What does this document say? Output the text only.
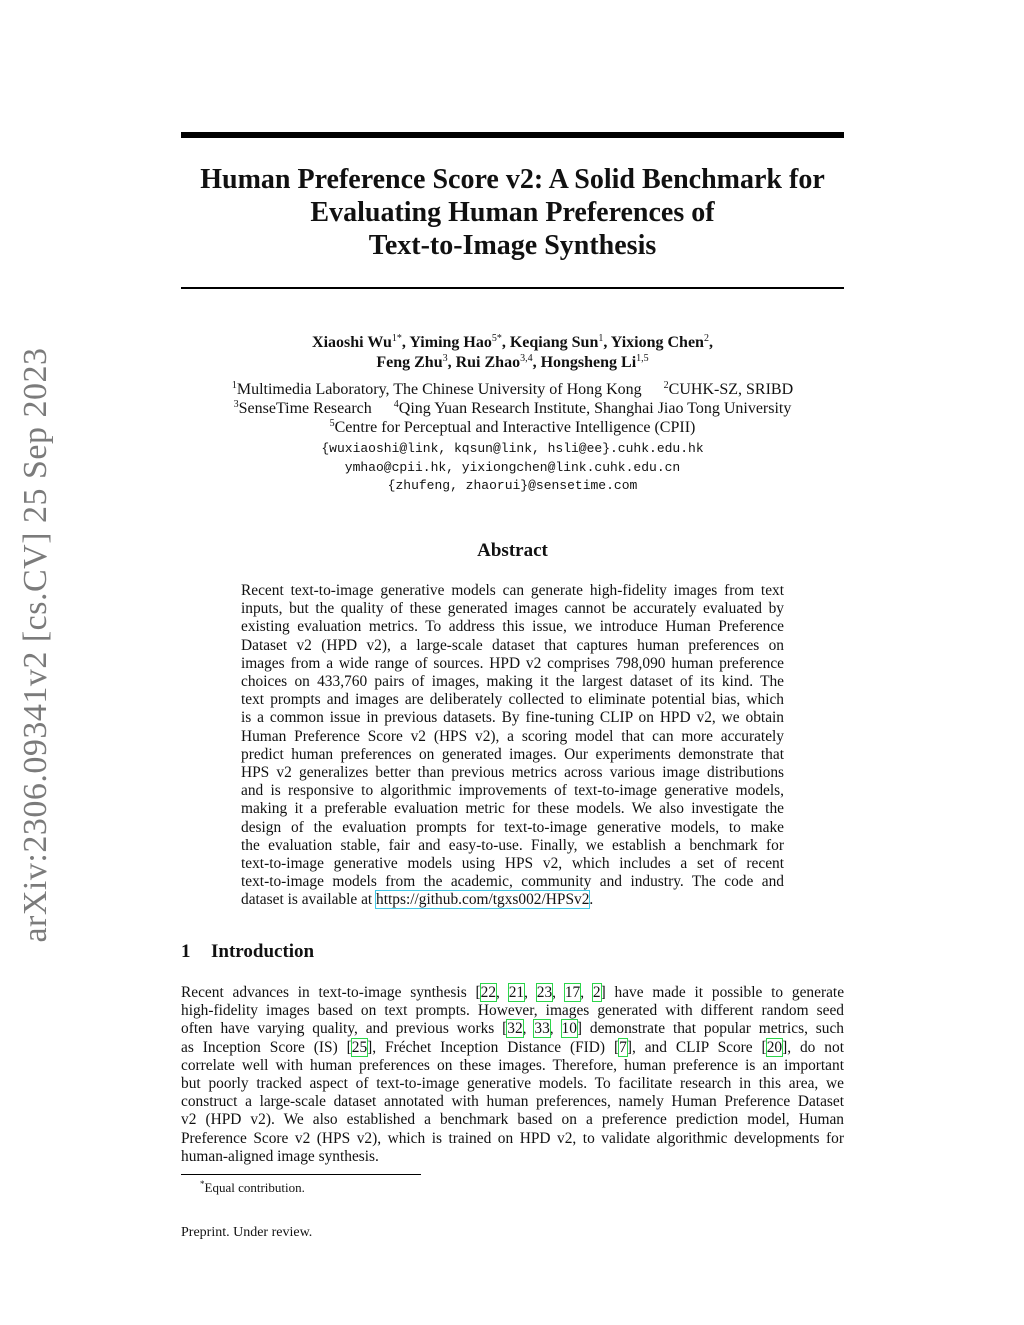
arXiv:2306.09341v2 [cs.CV] 25 Sep 2023
Human Preference Score v2: A Solid Benchmark for
Evaluating Human Preferences of
Text-to-Image Synthesis
Xiaoshi $Wu^{1*}$, Yiming Hao$^{5*}$, Keqiang Sun$^1$, Yixiong Chen$^2$,
Feng Zhu$^3$, Rui Zhao$^{3,4}$, Hongsheng Li$^{1,5}$
$^1$Multimedia Laboratory, The Chinese University of Hong Kong $^2$CUHK-SZ, SRIBD
$^3$SenseTime Research $^4$Qing Yuan Research Institute, Shanghai Jiao Tong University
$^5$Centre for Perceptual and Interactive Intelligence (CPII)
{wuxiaoshi@link, kqsun@link, hsli@ee}.cuhk.edu.hk
ymhao@cpii.hk, yixiongchen@link.cuhk.edu.cn
{zhufeng, zhaorui}@sensetime.com
Abstract
Recent text-to-image generative models can generate high-fidelity images from text
inputs, but the quality of these generated images cannot be accurately evaluated by
existing evaluation metrics. To address this issue, we introduce Human Preference
Dataset v2 (HPD v2), a large-scale dataset that captures human preferences on
images from a wide range of sources. HPD v2 comprises 798,090 human preference
choices on 433,760 pairs of images, making it the largest dataset of its kind. The
text prompts and images are deliberately collected to eliminate potential bias, which
is a common issue in previous datasets. By fine-tuning CLIP on HPD v2, we obtain
Human Preference Score v2 (HPS v2), a scoring model that can more accurately
predict human preferences on generated images. Our experiments demonstrate that
HPS v2 generalizes better than previous metrics across various image distributions
and is responsive to algorithmic improvements of text-to-image generative models,
making it a preferable evaluation metric for these models. We also investigate the
design of the evaluation prompts for text-to-image generative models, to make
the evaluation stable, fair and easy-to-use. Finally, we establish a benchmark for
text-to-image generative models using HPS v2, which includes a set of recent
text-to-image models from the academic, community and industry. The code and
dataset is available at https://github.com/tgxs002/HPSv2.
1 Introduction
Recent advances in text-to-image synthesis [22, 21, 23, 17, 2] have made it possible to generate
high-fidelity images based on text prompts. However, images generated with different random seed
often have varying quality, and previous works [32, 33, 10] demonstrate that popular metrics, such
as Inception Score (IS) [25], Fréchet Inception Distance (FID) [7], and CLIP Score [20], do not
correlate well with human preferences on these images. Therefore, human preference is an important
but poorly tracked aspect of text-to-image generative models. To facilitate research in this area, we
construct a large-scale dataset annotated with human preferences, namely Human Preference Dataset
v2 (HPD v2). We also established a benchmark based on a preference prediction model, Human
Preference Score v2 (HPS v2), which is trained on HPD v2, to validate algorithmic developments for
human-aligned image synthesis.
*Equal contribution.
Preprint. Under review.
